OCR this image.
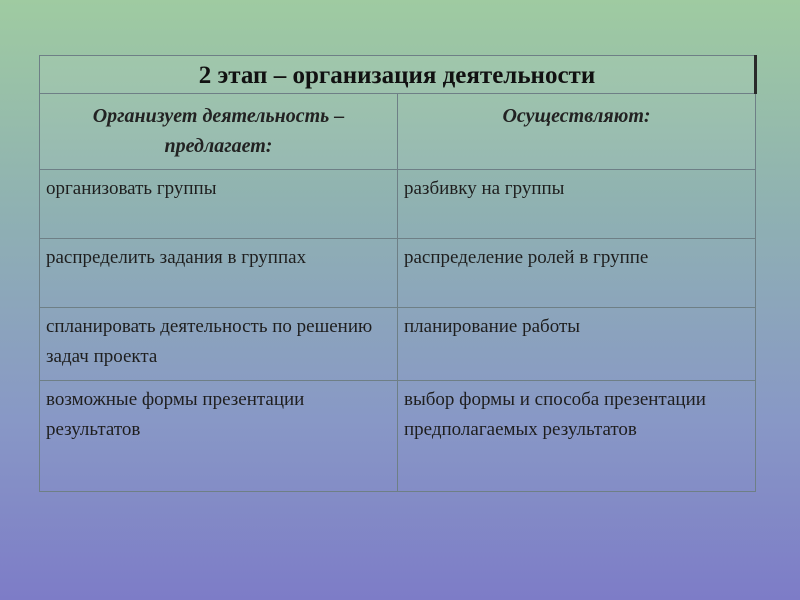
2 этап – организация деятельности	
Организует деятельность – предлагает:	Осуществляют:
организовать группы	разбивку на группы
распределить задания в группах	распределение ролей в группе
спланировать деятельность по решению задач проекта	планирование работы
возможные формы презентации результатов	выбор формы и способа презентации предполагаемых результатов
